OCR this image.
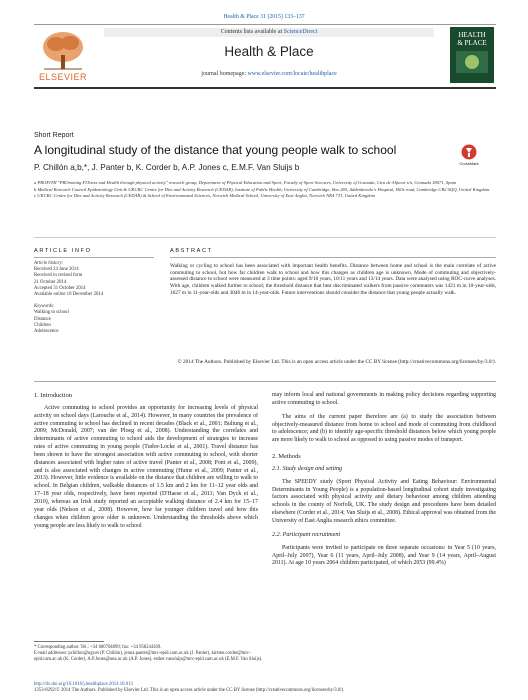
Health & Place 31 (2015) 133–137
ELSEVIER
Contents lists available at ScienceDirect
Health & Place
journal homepage: www.elsevier.com/locate/healthplace
HEALTH
& PLACE
Short Report
A longitudinal study of the distance that young people walk to school
CrossMark
P. Chillón a,b,*, J. Panter b, K. Corder b, A.P. Jones c, E.M.F. Van Sluijs b
a PROFITH "PROmoting FITness and Health through physical activity" research group, Department of Physical Education and Sport, Faculty of Sport Sciences, University of Granada, Ctra de Alfacar s/n, Granada 18071, Spain
b Medical Research Council Epidemiology Unit & UKCRC Centre for Diet and Activity Research (CEDAR), Institute of Public Health, University of Cambridge, Box 285, Addenbrooke's Hospital, Hills road, Cambridge CB2 0QQ, United Kingdom
c UKCRC Centre for Diet and Activity Research (CEDAR) & School of Environmental Sciences, Norwich Medical School, University of East Anglia, Norwich NR4 7TJ, United Kingdom
ARTICLE INFO
Article history:
Received 24 June 2014
Received in revised form
21 October 2014
Accepted 31 October 2014
Available online 18 December 2014
Keywords:
Walking to school
Distance
Children
Adolescence
ABSTRACT
Walking or cycling to school has been associated with important health benefits. Distance between home and school is the main correlate of active commuting to school, but how far children walk to school and how this changes as children age is unknown. Mode of commuting and objectively-assessed distance to school were measured at 3 time points: aged 9/10 years, 10/11 years and 13/14 years. Data were analysed using ROC-curve analyses. With age, children walked further to school; the threshold distance that best discriminated walkers from passive commuters was 1421 m in 10-year-olds, 1627 m in 11-year-olds and 3046 m in 14-year-olds. Future interventions should consider the distance that young people actually walk.
© 2014 The Authors. Published by Elsevier Ltd. This is an open access article under the CC BY license (http://creativecommons.org/licenses/by/3.0/).
1. Introduction
Active commuting to school provides an opportunity for increasing levels of physical activity on school days (Larouche et al., 2014). However, in many countries the prevalence of active commuting to school has declined in recent decades (Black et al., 2001; Buliung et al., 2009; McDonald, 2007; van der Ploeg et al., 2008). Understanding the correlates and determinants of active commuting to school aids the development of strategies to increase rates of active commuting in young people (Tudor-Locke et al., 2001). Travel distance has been shown to have the strongest association with active commuting to school, with shorter distances associated with higher rates of active travel (Panter et al., 2008; Pont et al., 2009), and is also associated with changes in active commuting (Hume et al., 2009; Panter et al., 2013). However, little evidence is available on the distance that children are willing to walk to school. In Belgian children, walkable distances of 1.5 km and 2 km for 11–12 year olds and 17–18 year olds, respectively, have been reported (D'Haese et al., 2011; Van Dyck et al., 2010), whereas an Irish study reported an acceptable walking distance of 2.4 km for 15–17 year olds (Nelson et al., 2008). However, how far younger children travel and how this changes when children grow older is unknown. Understanding the thresholds above which young people are less likely to walk to school
may inform local and national governments in making policy decisions regarding supporting active commuting to school.
The aims of the current paper therefore are (a) to study the association between objectively-measured distance from home to school and mode of commuting from childhood to adolescence; and (b) to identify age-specific threshold distances below which young people are more likely to walk to school as opposed to using passive modes of transport.
2. Methods
2.1. Study design and setting
The SPEEDY study (Sport Physical Activity and Eating Behaviour: Environmental Determinants in Young People) is a population-based longitudinal cohort study investigating factors associated with physical activity and dietary behaviour among children attending schools in the county of Norfolk, UK. The study design and procedures have been detailed elsewhere (Corder et al., 2014; Van Sluijs et al., 2008). Ethical approval was obtained from the University of East Anglia research ethics committee.
2.2. Participant recruitment
Participants were invited to participate on three separate occasions: in Year 5 (10 years, April–July 2007), Year 6 (11 years, April–July 2008), and Year 9 (14 years, April–August 2011). At age 10 years 2064 children participated, of which 2053 (99.4%)
* Corresponding author. Tel.: +34 600704899; fax: +34 958244369.
E-mail addresses: pchillon@ugr.es (P. Chillón), jenna.panter@mrc-epid.cam.ac.uk (J. Panter), kirsten.corder@mrc-epid.cam.ac.uk (K. Corder), A.P.Jones@uea.ac.uk (A.P. Jones), esther.vansluijs@mrc-epid.cam.ac.uk (E.M.F. Van Sluijs).
http://dx.doi.org/10.1016/j.healthplace.2014.10.013
1353-8292/© 2014 The Authors. Published by Elsevier Ltd. This is an open access article under the CC BY license (http://creativecommons.org/licenses/by/3.0/).
